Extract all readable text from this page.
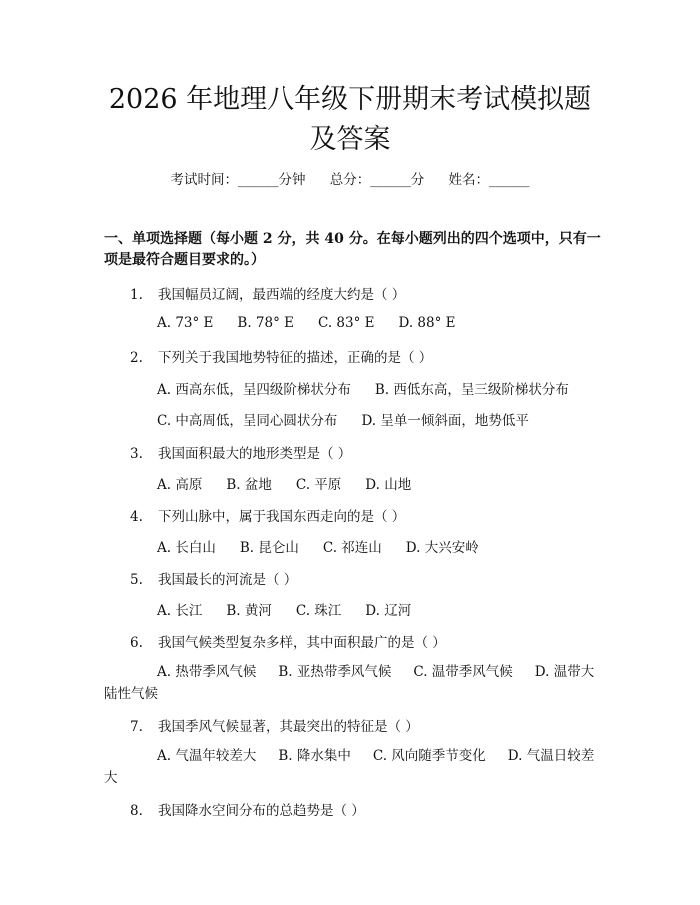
2026 年地理八年级下册期末考试模拟题及答案
考试时间：______分钟 总分：______分 姓名：______
一、单项选择题（每小题 2 分，共 40 分。在每小题列出的四个选项中，只有一项是最符合题目要求的。）
1. 我国幅员辽阔，最西端的经度大约是（ ）
A. 73° E B. 78° E C. 83° E D. 88° E
2. 下列关于我国地势特征的描述，正确的是（ ）
A. 西高东低，呈四级阶梯状分布 B. 西低东高，呈三级阶梯状分布
C. 中高周低，呈同心圆状分布 D. 呈单一倾斜面，地势低平
3. 我国面积最大的地形类型是（ ）
A. 高原 B. 盆地 C. 平原 D. 山地
4. 下列山脉中，属于我国东西走向的是（ ）
A. 长白山 B. 昆仑山 C. 祁连山 D. 大兴安岭
5. 我国最长的河流是（ ）
A. 长江 B. 黄河 C. 珠江 D. 辽河
6. 我国气候类型复杂多样，其中面积最广的是（ ）
A. 热带季风气候 B. 亚热带季风气候 C. 温带季风气候 D. 温带大陆性气候
7. 我国季风气候显著，其最突出的特征是（ ）
A. 气温年较差大 B. 降水集中 C. 风向随季节变化 D. 气温日较差大
8. 我国降水空间分布的总趋势是（ ）
